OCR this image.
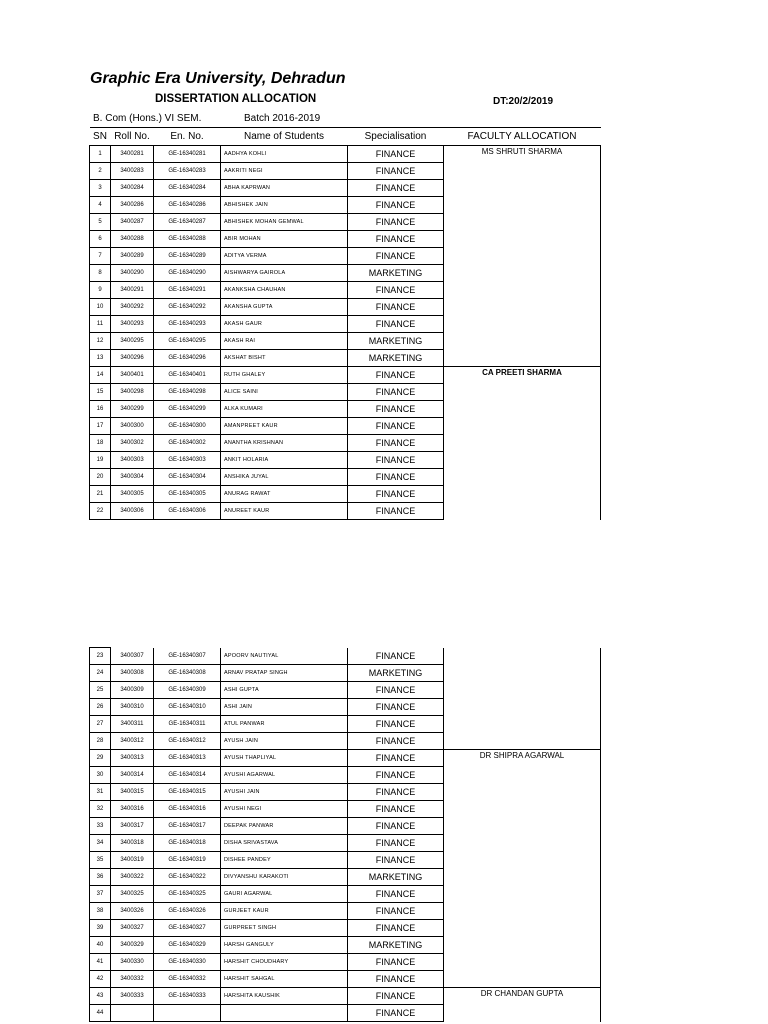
Graphic Era University, Dehradun
DISSERTATION ALLOCATION	DT:20/2/2019
B. Com (Hons.) VI SEM.	Batch 2016-2019
SN	Roll No.	En. No.	Name of Students	Specialisation	FACULTY ALLOCATION
1	3400281	GE-16340281	AADHYA KOHLI	FINANCE	MS SHRUTI SHARMA

2	3400283	GE-16340283	AAKRITI NEGI	FINANCE	
3	3400284	GE-16340284	ABHA KAPRWAN	FINANCE	
4	3400286	GE-16340286	ABHISHEK JAIN	FINANCE	
5	3400287	GE-16340287	ABHISHEK MOHAN GEMWAL	FINANCE	
6	3400288	GE-16340288	ABIR MOHAN	FINANCE	
7	3400289	GE-16340289	ADITYA VERMA	FINANCE	
8	3400290	GE-16340290	AISHWARYA GAIROLA	MARKETING	
9	3400291	GE-16340291	AKANKSHA CHAUHAN	FINANCE	
10	3400292	GE-16340292	AKANSHA GUPTA	FINANCE	
11	3400293	GE-16340293	AKASH GAUR	FINANCE	
12	3400295	GE-16340295	AKASH RAI	MARKETING	
13	3400296	GE-16340296	AKSHAT BISHT	MARKETING	
14	3400401	GE-16340401	RUTH GHALEY	FINANCE	CA PREETI SHARMA

15	3400298	GE-16340298	ALICE SAINI	FINANCE	
16	3400299	GE-16340299	ALKA KUMARI	FINANCE	
17	3400300	GE-16340300	AMANPREET KAUR	FINANCE	
18	3400302	GE-16340302	ANANTHA KRISHNAN	FINANCE	
19	3400303	GE-16340303	ANKIT HOLARIA	FINANCE	
20	3400304	GE-16340304	ANSHIKA JUYAL	FINANCE	
21	3400305	GE-16340305	ANURAG RAWAT	FINANCE	
22	3400306	GE-16340306	ANUREET KAUR	FINANCE	
23	3400307	GE-16340307	APOORV NAUTIYAL	FINANCE	

24	3400308	GE-16340308	ARNAV PRATAP SINGH	MARKETING	
25	3400309	GE-16340309	ASHI GUPTA	FINANCE	
26	3400310	GE-16340310	ASHI JAIN	FINANCE	
27	3400311	GE-16340311	ATUL PANWAR	FINANCE	
28	3400312	GE-16340312	AYUSH JAIN	FINANCE	
29	3400313	GE-16340313	AYUSH THAPLIYAL	FINANCE	DR SHIPRA AGARWAL

30	3400314	GE-16340314	AYUSHI AGARWAL	FINANCE	
31	3400315	GE-16340315	AYUSHI JAIN	FINANCE	
32	3400316	GE-16340316	AYUSHI NEGI	FINANCE	
33	3400317	GE-16340317	DEEPAK PANWAR	FINANCE	
34	3400318	GE-16340318	DISHA SRIVASTAVA	FINANCE	
35	3400319	GE-16340319	DISHEE PANDEY	FINANCE	
36	3400322	GE-16340322	DIVYANSHU KARAKOTI	MARKETING	
37	3400325	GE-16340325	GAURI AGARWAL	FINANCE	
38	3400326	GE-16340326	GURJEET KAUR	FINANCE	
39	3400327	GE-16340327	GURPREET SINGH	FINANCE	
40	3400329	GE-16340329	HARSH GANGULY	MARKETING	
41	3400330	GE-16340330	HARSHIT CHOUDHARY	FINANCE	
42	3400332	GE-16340332	HARSHIT SAHGAL	FINANCE	
43	3400333	GE-16340333	HARSHITA KAUSHIK	FINANCE	DR CHANDAN GUPTA

44				FINANCE	
